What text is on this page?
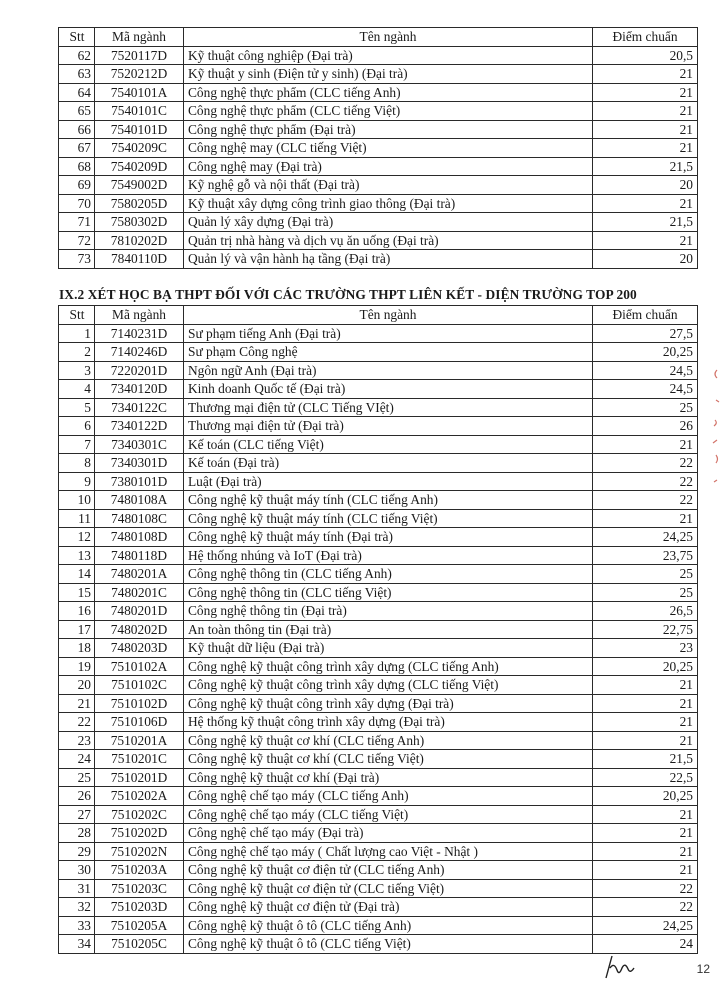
Stt	Mã ngành	Tên ngành	Điểm chuẩn
62	7520117D	Kỹ thuật công nghiệp (Đại trà)	20,5
63	7520212D	Kỹ thuật y sinh (Điện tử y sinh) (Đại trà)	21
64	7540101A	Công nghệ thực phẩm (CLC tiếng Anh)	21
65	7540101C	Công nghệ thực phẩm (CLC tiếng Việt)	21
66	7540101D	Công nghệ thực phẩm (Đại trà)	21
67	7540209C	Công nghệ may (CLC tiếng Việt)	21
68	7540209D	Công nghệ may (Đại trà)	21,5
69	7549002D	Kỹ nghệ gỗ và nội thất (Đại trà)	20
70	7580205D	Kỹ thuật xây dựng công trình giao thông (Đại trà)	21
71	7580302D	Quản lý xây dựng (Đại trà)	21,5
72	7810202D	Quản trị nhà hàng và dịch vụ ăn uống (Đại trà)	21
73	7840110D	Quản lý và vận hành hạ tầng (Đại trà)	20
IX.2 XÉT HỌC BẠ THPT ĐỐI VỚI CÁC TRƯỜNG THPT LIÊN KẾT - DIỆN TRƯỜNG TOP 200
Stt	Mã ngành	Tên ngành	Điểm chuẩn
1	7140231D	Sư phạm tiếng Anh (Đại trà)	27,5
2	7140246D	Sư phạm Công nghệ	20,25
3	7220201D	Ngôn ngữ Anh (Đại trà)	24,5
4	7340120D	Kinh doanh Quốc tế (Đại trà)	24,5
5	7340122C	Thương mại điện tử (CLC Tiếng VIệt)	25
6	7340122D	Thương mại điện tử (Đại trà)	26
7	7340301C	Kế toán (CLC tiếng Việt)	21
8	7340301D	Kế toán (Đại trà)	22
9	7380101D	Luật (Đại trà)	22
10	7480108A	Công nghệ kỹ thuật máy tính (CLC tiếng Anh)	22
11	7480108C	Công nghệ kỹ thuật máy tính (CLC tiếng Việt)	21
12	7480108D	Công nghệ kỹ thuật máy tính (Đại trà)	24,25
13	7480118D	Hệ thống nhúng và IoT (Đại trà)	23,75
14	7480201A	Công nghệ thông tin (CLC tiếng Anh)	25
15	7480201C	Công nghệ thông tin (CLC tiếng Việt)	25
16	7480201D	Công nghệ thông tin (Đại trà)	26,5
17	7480202D	An toàn thông tin (Đại trà)	22,75
18	7480203D	Kỹ thuật dữ liệu (Đại trà)	23
19	7510102A	Công nghệ kỹ thuật công trình xây dựng (CLC tiếng Anh)	20,25
20	7510102C	Công nghệ kỹ thuật công trình xây dựng (CLC tiếng Việt)	21
21	7510102D	Công nghệ kỹ thuật công trình xây dựng (Đại trà)	21
22	7510106D	Hệ thống kỹ thuật công trình xây dựng (Đại trà)	21
23	7510201A	Công nghệ kỹ thuật cơ khí (CLC tiếng Anh)	21
24	7510201C	Công nghệ kỹ thuật cơ khí (CLC tiếng Việt)	21,5
25	7510201D	Công nghệ kỹ thuật cơ khí (Đại trà)	22,5
26	7510202A	Công nghệ chế tạo máy (CLC tiếng Anh)	20,25
27	7510202C	Công nghệ chế tạo máy (CLC tiếng Việt)	21
28	7510202D	Công nghệ chế tạo máy (Đại trà)	21
29	7510202N	Công nghệ chế tạo máy ( Chất lượng cao Việt - Nhật )	21
30	7510203A	Công nghệ kỹ thuật cơ điện tử (CLC tiếng Anh)	21
31	7510203C	Công nghệ kỹ thuật cơ điện tử (CLC tiếng Việt)	22
32	7510203D	Công nghệ kỹ thuật cơ điện tử (Đại trà)	22
33	7510205A	Công nghệ kỹ thuật ô tô (CLC tiếng Anh)	24,25
34	7510205C	Công nghệ kỹ thuật ô tô (CLC tiếng Việt)	24
12
